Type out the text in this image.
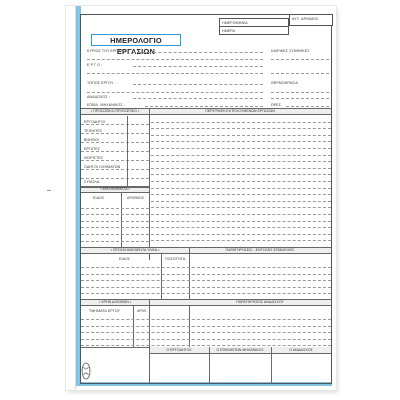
ΗΜΕΡΟΛΟΓΙΟ ΕΡΓΑΣΙΩΝ
ΗΜΕΡΟΜΗΝΙΑ
ΗΜΕΡΑ
ΑΥΞ. ΑΡΙΘΜΟΣ
ΚΥΡΙΟΣ ΤΟΥ ΕΡΓΟΥ :	ΚΑΙΡΙΚΕΣ ΣΥΝΘΗΚΕΣ
Ε Ρ Γ Ο :
ΤΟΠΟΣ ΕΡΓΟΥ :	ΘΕΡΜΟΚΡΑΣΙΑ
ΑΝΑΔΟΧΟΣ :
ΕΠΙΒΛ. ΜΗΧΑΝΙΚΟΣ :	ΩΡΕΣ
• ΠΡΟΣΩΠΙΚΟ ΠΡΟΣΩΠΙΚΟ •	ΠΕΡΙΓΡΑΦΗ ΕΚΤΕΛΟΥΜΕΝΩΝ ΕΡΓΑΣΙΩΝ
ΕΡΓΟΔΗΓΟΙ
ΤΕΧΝΙΤΕΣ
ΒΟΗΘΟΙ
ΕΡΓΑΤΕΣ
ΧΕΙΡΙΣΤΕΣ
ΟΔΗΓΟΙ ΟΧΗΜΑΤΩΝ
ΣΥΝΟΛΑ
• ΜΗΧΑΝΗΜΑΤΑ •
ΕΙΔΟΣ	ΑΡΙΘΜΟΣ
• ΠΡΟΣΚΟΜΙΣΘΕΝΤΑ ΥΛΙΚΑ •	ΠΑΡΑΤΗΡΗΣΕΙΣ - ΕΝΤΟΛΕΣ ΕΠΙΒΛΕΨΗΣ
ΕΙΔΟΣ	ΠΟΣΟΤΗΤΑ
• ΧΡΗΝ ΔΟΚΙΜΩΝ •	ΠΑΡΑΤΗΡΗΣΕΙΣ ΑΝΑΔΟΧΟΥ
ΤΜΗΜΑΤΑ ΕΡΓΟΥ	ΑΡΙΘ.
Ο ΕΡΓΟΔΗΓΟΣ	Ο ΕΠΙΒΛΕΠΩΝ ΜΗΧΑΝΙΚΟΣ	Ο ΑΝΑΔΟΧΟΣ
